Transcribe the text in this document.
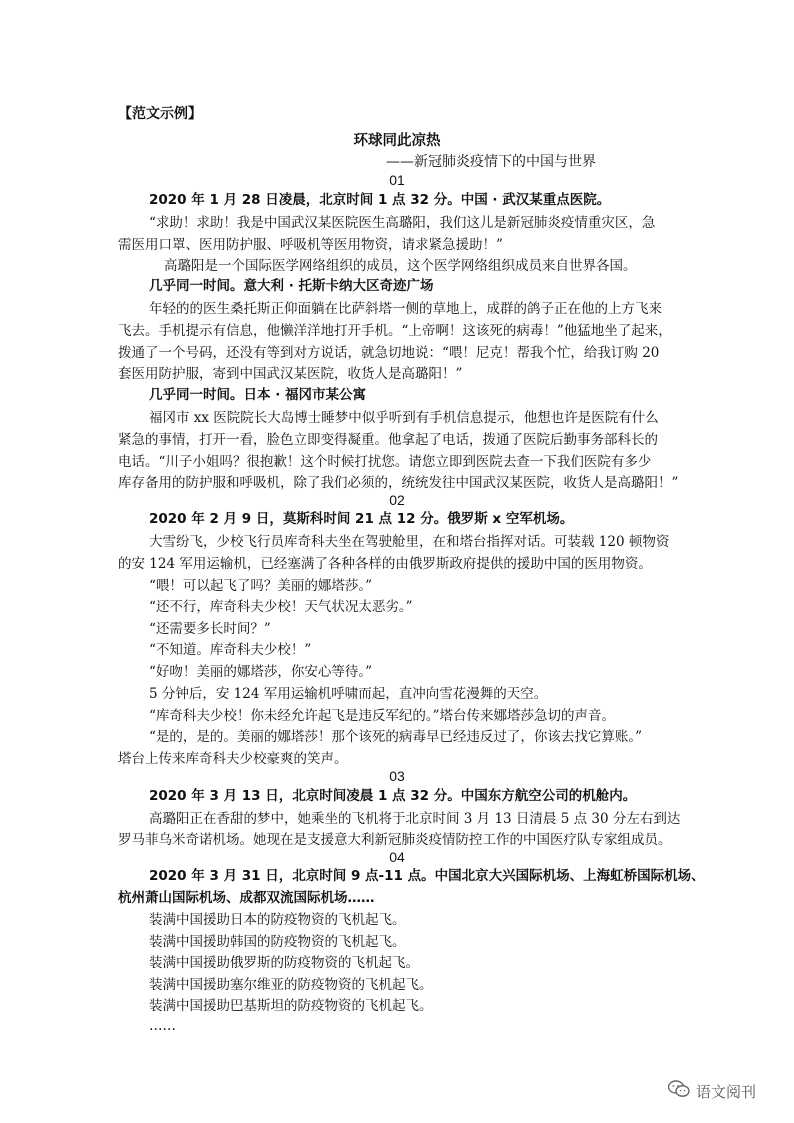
【范文示例】
环球同此凉热
——新冠肺炎疫情下的中国与世界
01
2020 年 1 月 28 日凌晨，北京时间 1 点 32 分。中国 · 武汉某重点医院。
“求助！求助！我是中国武汉某医院医生高璐阳，我们这儿是新冠肺炎疫情重灾区，急
需医用口罩、医用防护服、呼吸机等医用物资，请求紧急援助！”
高璐阳是一个国际医学网络组织的成员，这个医学网络组织成员来自世界各国。
几乎同一时间。意大利 · 托斯卡纳大区奇迹广场
年轻的的医生桑托斯正仰面躺在比萨斜塔一侧的草地上，成群的鸽子正在他的上方飞来
飞去。手机提示有信息，他懒洋洋地打开手机。“上帝啊！这该死的病毒！”他猛地坐了起来，
拨通了一个号码，还没有等到对方说话，就急切地说：“喂！尼克！帮我个忙，给我订购 20
套医用防护服，寄到中国武汉某医院，收货人是高璐阳！”
几乎同一时间。日本 · 福冈市某公寓
福冈市 xx 医院院长大岛博士睡梦中似乎听到有手机信息提示，他想也许是医院有什么
紧急的事情，打开一看，脸色立即变得凝重。他拿起了电话，拨通了医院后勤事务部科长的
电话。“川子小姐吗？很抱歉！这个时候打扰您。请您立即到医院去查一下我们医院有多少
库存备用的防护服和呼吸机，除了我们必须的，统统发往中国武汉某医院，收货人是高璐阳！”
02
2020 年 2 月 9 日，莫斯科时间 21 点 12 分。俄罗斯 x 空军机场。
大雪纷飞，少校飞行员库奇科夫坐在驾驶舱里，在和塔台指挥对话。可装载 120 顿物资
的安 124 军用运输机，已经塞满了各种各样的由俄罗斯政府提供的援助中国的医用物资。
“喂！可以起飞了吗？美丽的娜塔莎。”
“还不行，库奇科夫少校！天气状况太恶劣。”
“还需要多长时间？”
“不知道。库奇科夫少校！”
“好吻！美丽的娜塔莎，你安心等待。”
5 分钟后，安 124 军用运输机呼啸而起，直冲向雪花漫舞的天空。
“库奇科夫少校！你未经允许起飞是违反军纪的。”塔台传来娜塔莎急切的声音。
“是的，是的。美丽的娜塔莎！那个该死的病毒早已经违反过了，你该去找它算账。”
塔台上传来库奇科夫少校豪爽的笑声。
03
2020 年 3 月 13 日，北京时间凌晨 1 点 32 分。中国东方航空公司的机舱内。
高璐阳正在香甜的梦中，她乘坐的飞机将于北京时间 3 月 13 日清晨 5 点 30 分左右到达
罗马菲乌米奇诺机场。她现在是支援意大利新冠肺炎疫情防控工作的中国医疗队专家组成员。
04
2020 年 3 月 31 日，北京时间 9 点-11 点。中国北京大兴国际机场、上海虹桥国际机场、
杭州萧山国际机场、成都双流国际机场……
装满中国援助日本的防疫物资的飞机起飞。
装满中国援助韩国的防疫物资的飞机起飞。
装满中国援助俄罗斯的防疫物资的飞机起飞。
装满中国援助塞尔维亚的防疫物资的飞机起飞。
装满中国援助巴基斯坦的防疫物资的飞机起飞。
……
语文阅刊
